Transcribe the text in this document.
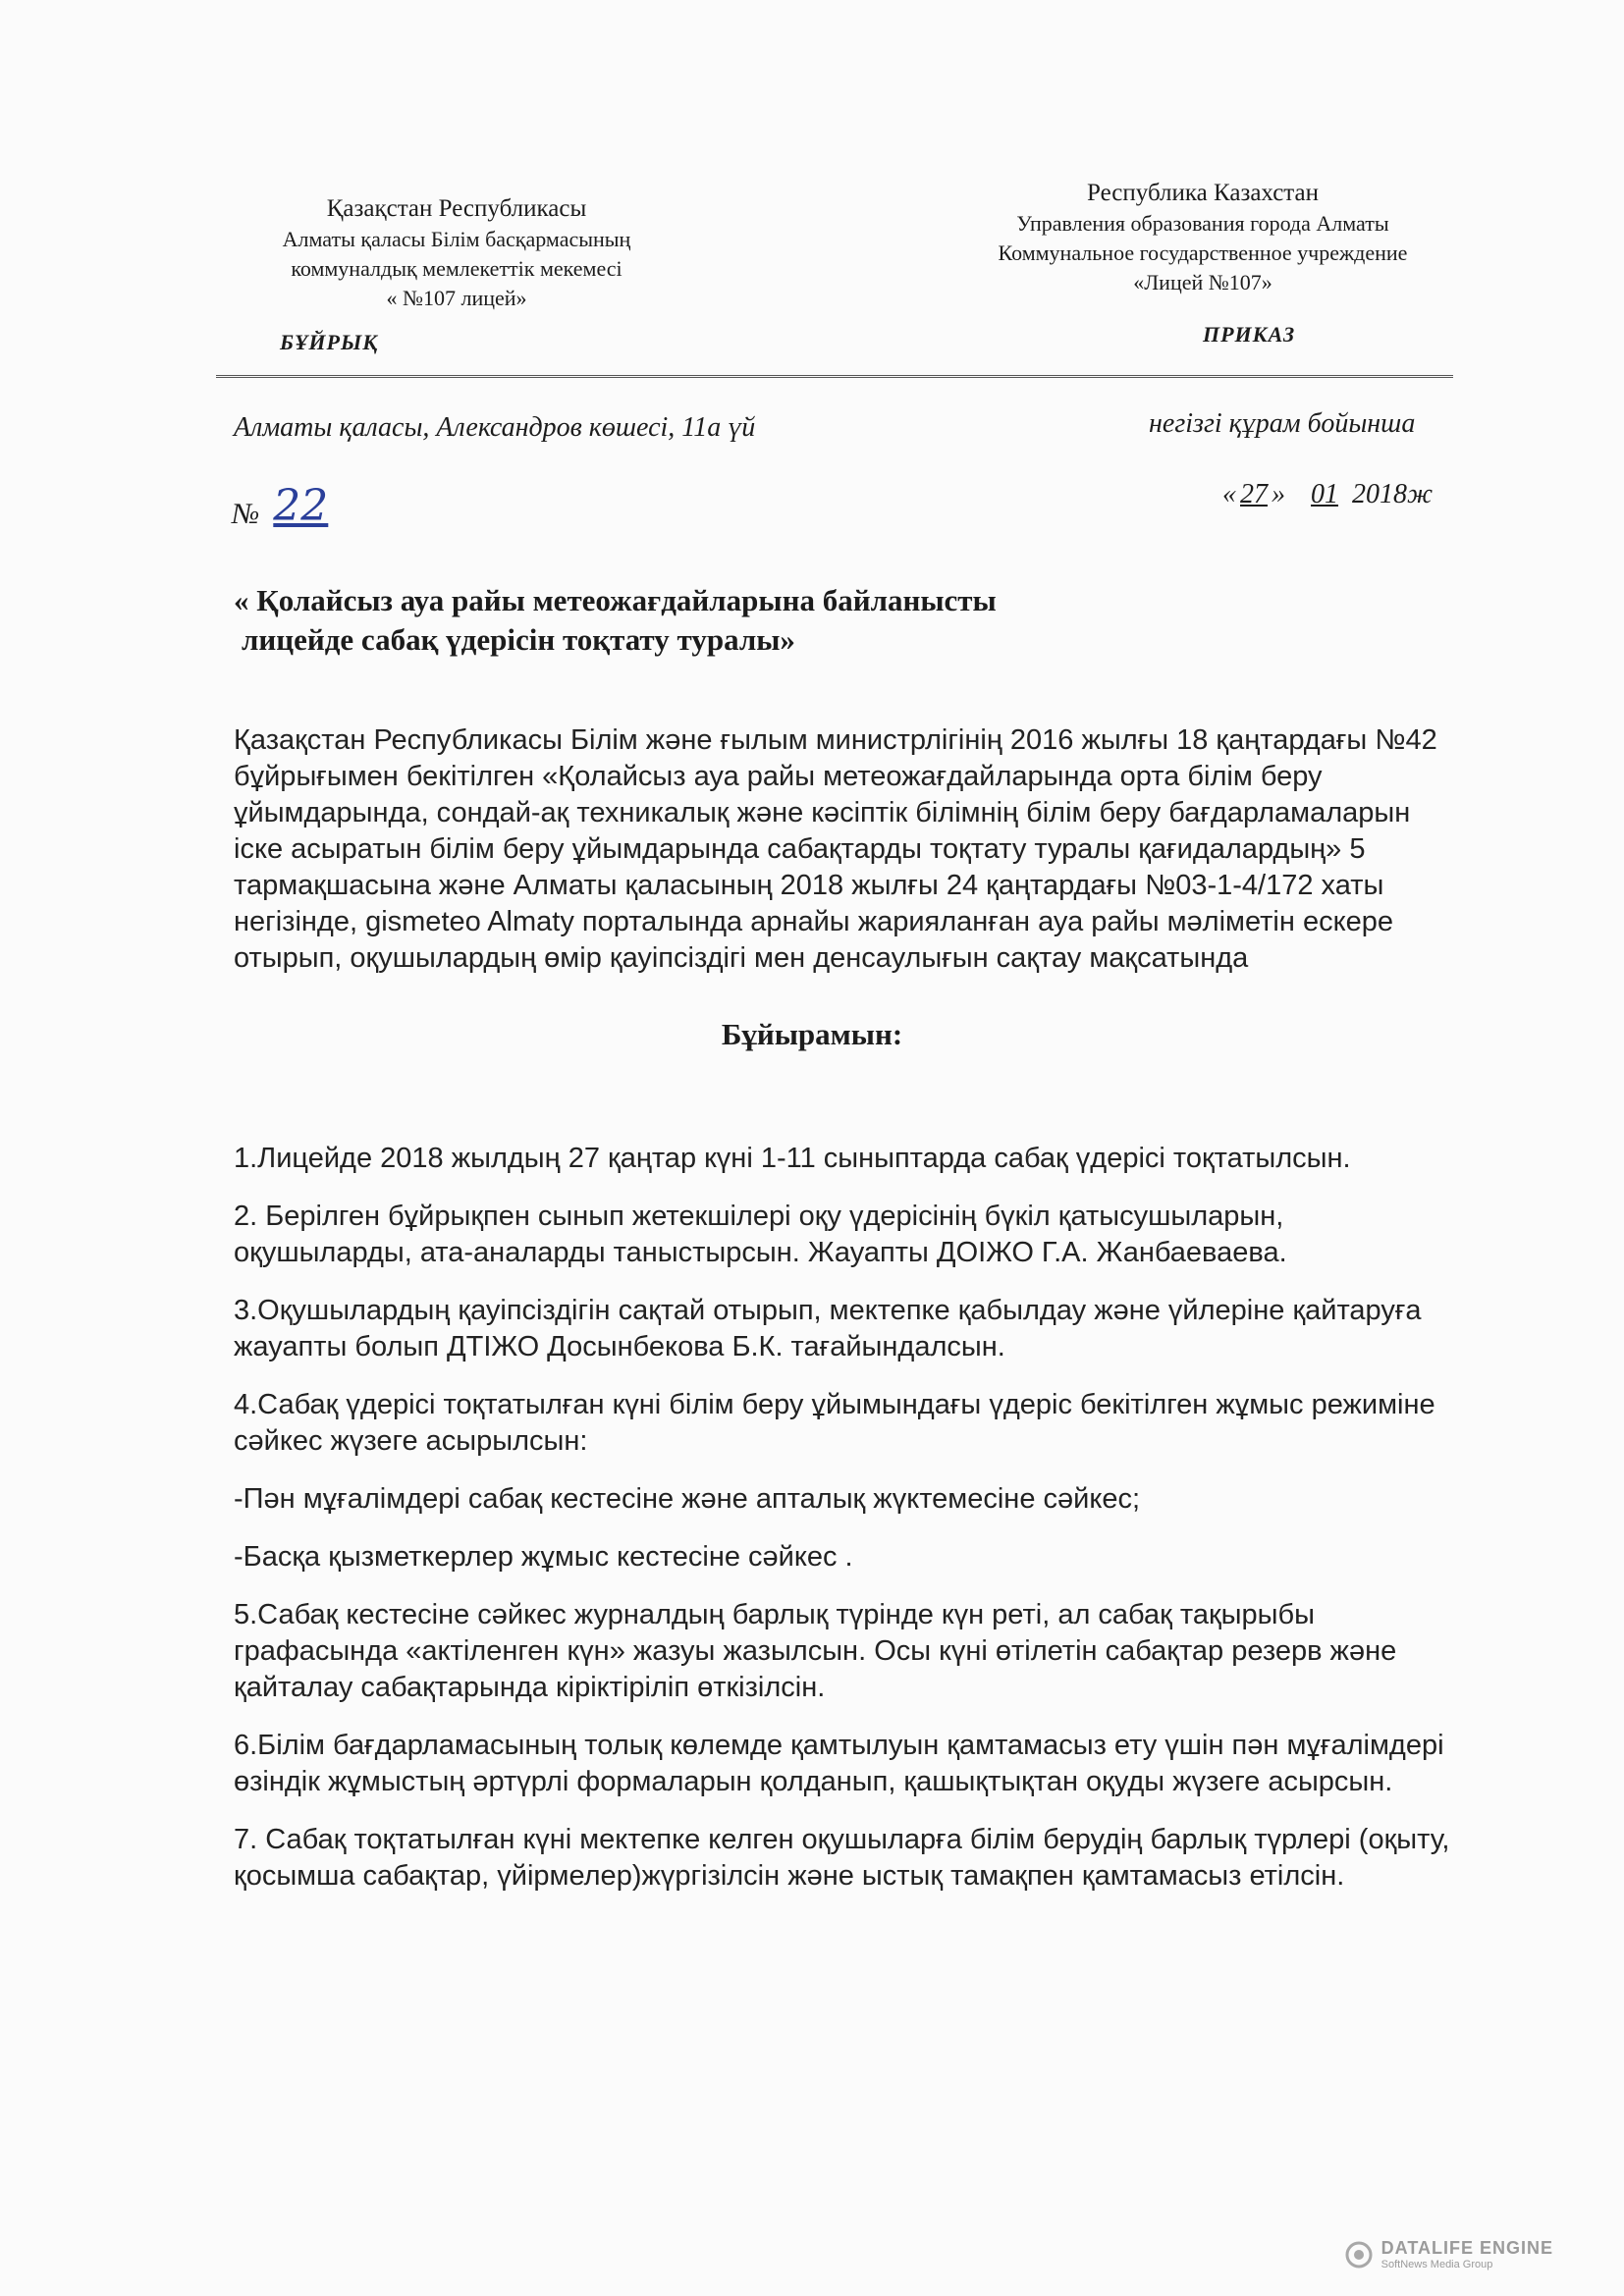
Қазақстан Республикасы
Алматы қаласы Білім басқармасының
коммуналдық мемлекеттік мекемесі
« №107 лицей»
Республика Казахстан
Управления образования города Алматы
Коммунальное государственное учреждение
«Лицей №107»
БҰЙРЫҚ	ПРИКАЗ
Алматы қаласы, Александров көшесі, 11а үй	негізгі құрам бойынша
№ 22	« 27 » 01 2018ж
« Қолайсыз ауа райы метеожағдайларына байланысты
лицейде сабақ үдерісін тоқтату туралы»
Қазақстан Республикасы Білім және ғылым министрлігінің 2016 жылғы 18 қаңтардағы №42 бұйрығымен бекітілген «Қолайсыз ауа райы метеожағдайларында орта білім беру ұйымдарында, сондай-ақ техникалық және кәсіптік білімнің білім беру бағдарламаларын іске асыратын білім беру ұйымдарында сабақтарды тоқтату туралы қағидалардың» 5 тармақшасына және Алматы қаласының 2018 жылғы 24 қаңтардағы №03-1-4/172 хаты негізінде, gismeteo Almaty порталында арнайы жарияланған ауа райы мәліметін ескере отырып, оқушылардың өмір қауіпсіздігі мен денсаулығын сақтау мақсатында
Бұйырамын:
1.Лицейде 2018 жылдың 27 қаңтар күні 1-11 сыныптарда сабақ үдерісі тоқтатылсын.
2. Берілген бұйрықпен сынып жетекшілері оқу үдерісінің бүкіл қатысушыларын, оқушыларды, ата-аналарды таныстырсын. Жауапты ДОІЖО Г.А. Жанбаеваева.
3.Оқушылардың қауіпсіздігін сақтай отырып, мектепке қабылдау және үйлеріне қайтаруға жауапты болып ДТІЖО Досынбекова Б.К. тағайындалсын.
4.Сабақ үдерісі тоқтатылған күні білім беру ұйымындағы үдеріс бекітілген жұмыс режиміне сәйкес жүзеге асырылсын:
-Пән мұғалімдері сабақ кестесіне және апталық жүктемесіне сәйкес;
-Басқа қызметкерлер жұмыс кестесіне сәйкес .
5.Сабақ кестесіне сәйкес журналдың барлық түрінде күн реті, ал сабақ тақырыбы графасында «актіленген күн» жазуы жазылсын. Осы күні өтілетін сабақтар резерв және қайталау сабақтарында кіріктіріліп өткізілсін.
6.Білім бағдарламасының толық көлемде қамтылуын қамтамасыз ету үшін пән мұғалімдері өзіндік жұмыстың әртүрлі формаларын қолданып, қашықтықтан оқуды жүзеге асырсын.
7. Сабақ тоқтатылған күні мектепке келген оқушыларға білім берудің барлық түрлері (оқыту, қосымша сабақтар, үйірмелер)жүргізілсін және ыстық тамақпен қамтамасыз етілсін.
DATALIFE ENGINE
SoftNews Media Group
